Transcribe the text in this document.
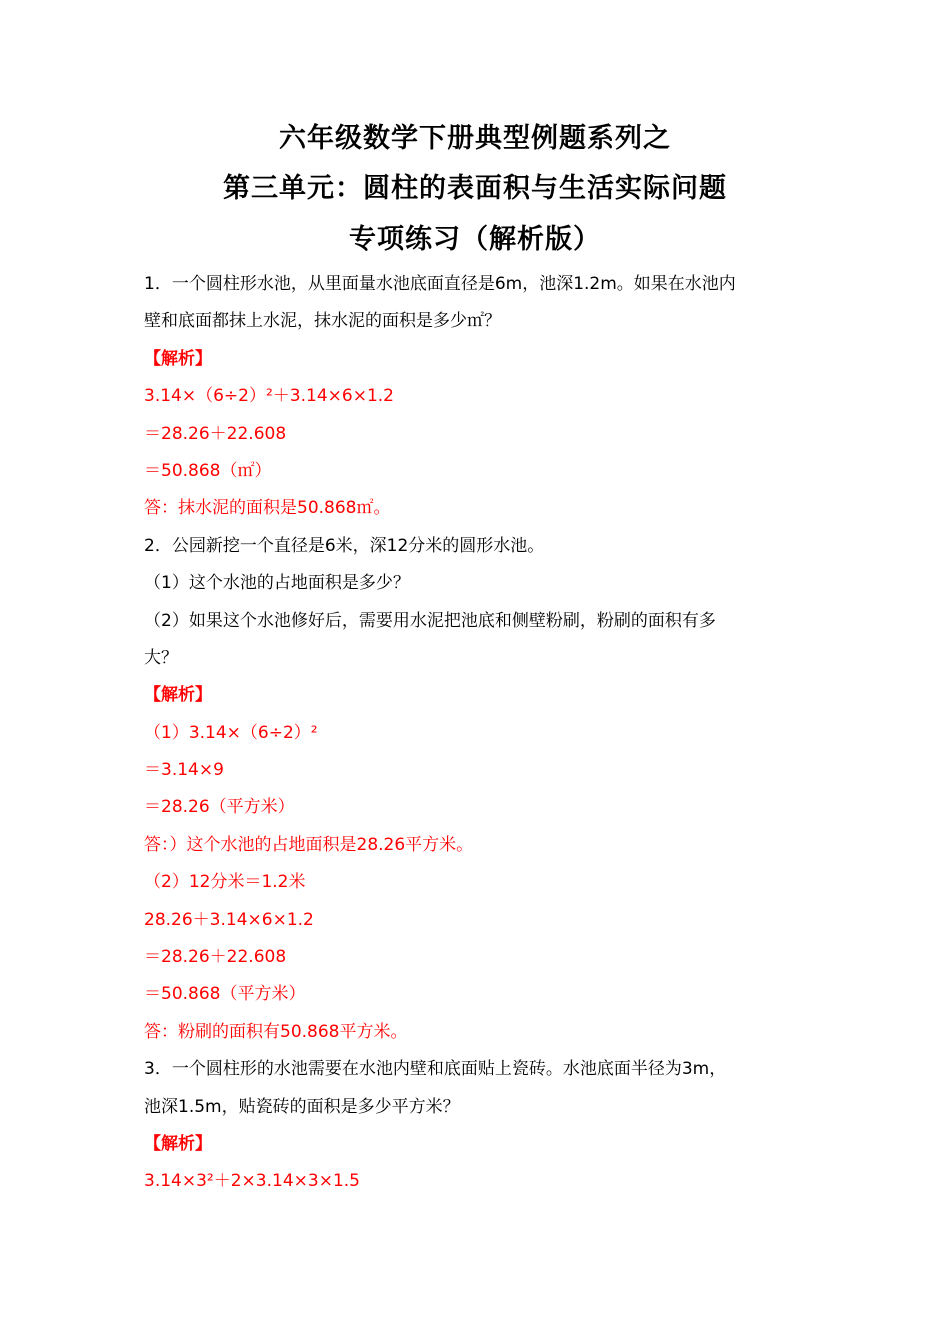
六年级数学下册典型例题系列之
第三单元：圆柱的表面积与生活实际问题
专项练习（解析版）

1．一个圆柱形水池，从里面量水池底面直径是6m，池深1.2m。如果在水池内

壁和底面都抹上水泥，抹水泥的面积是多少㎡？

【解析】

3.14×（6÷2）²＋3.14×6×1.2

＝28.26＋22.608

＝50.868（㎡）

答：抹水泥的面积是50.868㎡。

2．公园新挖一个直径是6米，深12分米的圆形水池。

（1）这个水池的占地面积是多少？

（2）如果这个水池修好后，需要用水泥把池底和侧壁粉刷，粉刷的面积有多

大？

【解析】

（1）3.14×（6÷2）²

＝3.14×9

＝28.26（平方米）

答：）这个水池的占地面积是28.26平方米。

（2）12分米＝1.2米

28.26＋3.14×6×1.2

＝28.26＋22.608

＝50.868（平方米）

答：粉刷的面积有50.868平方米。

3．一个圆柱形的水池需要在水池内壁和底面贴上瓷砖。水池底面半径为3m，

池深1.5m，贴瓷砖的面积是多少平方米？

【解析】

3.14×3²＋2×3.14×3×1.5
